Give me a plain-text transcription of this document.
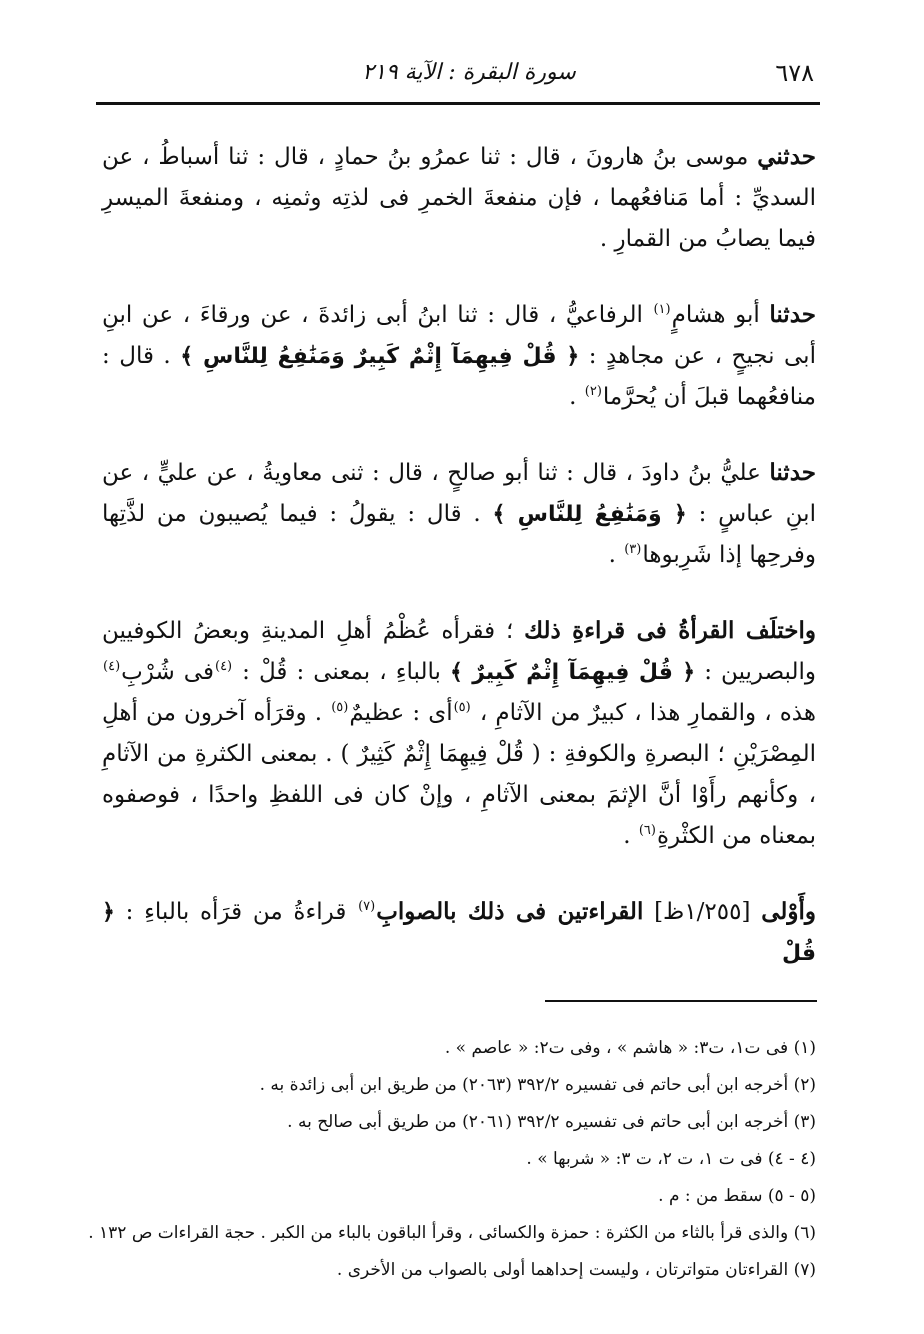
٦٧٨
سورة البقرة : الآية ٢١٩

حدثني موسى بنُ هارونَ ، قال : ثنا عمرُو بنُ حمادٍ ، قال : ثنا أسباطُ ، عن السديِّ : أما مَنافعُهما ، فإن منفعةَ الخمرِ فى لذتِه وثمنِه ، ومنفعةَ الميسرِ فيما يصابُ من القمارِ .

حدثنا أبو هشامٍ$^{(١)}$ الرفاعيُّ ، قال : ثنا ابنُ أبى زائدةَ ، عن ورقاءَ ، عن ابنِ أبى نجيحٍ ، عن مجاهدٍ : ﴿ قُلْ فِيهِمَآ إِثْمٌ كَبِيرٌ وَمَنَٰفِعُ لِلنَّاسِ ﴾ . قال : منافعُهما قبلَ أن يُحرَّما$^{(٢)}$ .

حدثنا عليُّ بنُ داودَ ، قال : ثنا أبو صالحٍ ، قال : ثنى معاويةُ ، عن عليٍّ ، عن ابنِ عباسٍ : ﴿ وَمَنَٰفِعُ لِلنَّاسِ ﴾ . قال : يقولُ : فيما يُصيبون من لذَّتِها وفرحِها إذا شَرِبوها$^{(٣)}$ .

واختلَف القرأةُ فى قراءةِ ذلك ؛ فقرأه عُظْمُ أهلِ المدينةِ وبعضُ الكوفيين والبصريين : ﴿ قُلْ فِيهِمَآ إِثْمٌ كَبِيرٌ ﴾ بالباءِ ، بمعنى : قُلْ : $^{(٤)}$فى شُرْبِ$^{(٤)}$ هذه ، والقمارِ هذا ، كبيرٌ من الآثامِ ، $^{(٥)}$أى : عظيمٌ$^{(٥)}$ . وقرَأه آخرون من أهلِ المِصْرَيْنِ ؛ البصرةِ والكوفةِ : ( قُلْ فِيهِمَا إِثْمٌ كَثِيرٌ ) . بمعنى الكثرةِ من الآثامِ ، وكأنهم رأَوْا أنَّ الإثمَ بمعنى الآثامِ ، وإنْ كان فى اللفظِ واحدًا ، فوصفوه بمعناه من الكثْرةِ$^{(٦)}$ .

وأَوْلى [١/٢٥٥ظ] القراءتين فى ذلك بالصوابِ$^{(٧)}$ قراءةُ من قرَأه بالباءِ : ﴿ قُلْ

(١) فى ت١، ت٣: « هاشم » ، وفى ت٢: « عاصم » .
(٢) أخرجه ابن أبى حاتم فى تفسيره ٣٩٢/٢ (٢٠٦٣) من طريق ابن أبى زائدة به .
(٣) أخرجه ابن أبى حاتم فى تفسيره ٣٩٢/٢ (٢٠٦١) من طريق أبى صالح به .
(٤ - ٤) فى ت ١، ت ٢، ت ٣: « شربها » .
(٥ - ٥) سقط من : م .
(٦) والذى قرأ بالثاء من الكثرة : حمزة والكسائى ، وقرأ الباقون بالباء من الكبر . حجة القراءات ص ١٣٢ .
(٧) القراءتان متواترتان ، وليست إحداهما أولى بالصواب من الأخرى .
